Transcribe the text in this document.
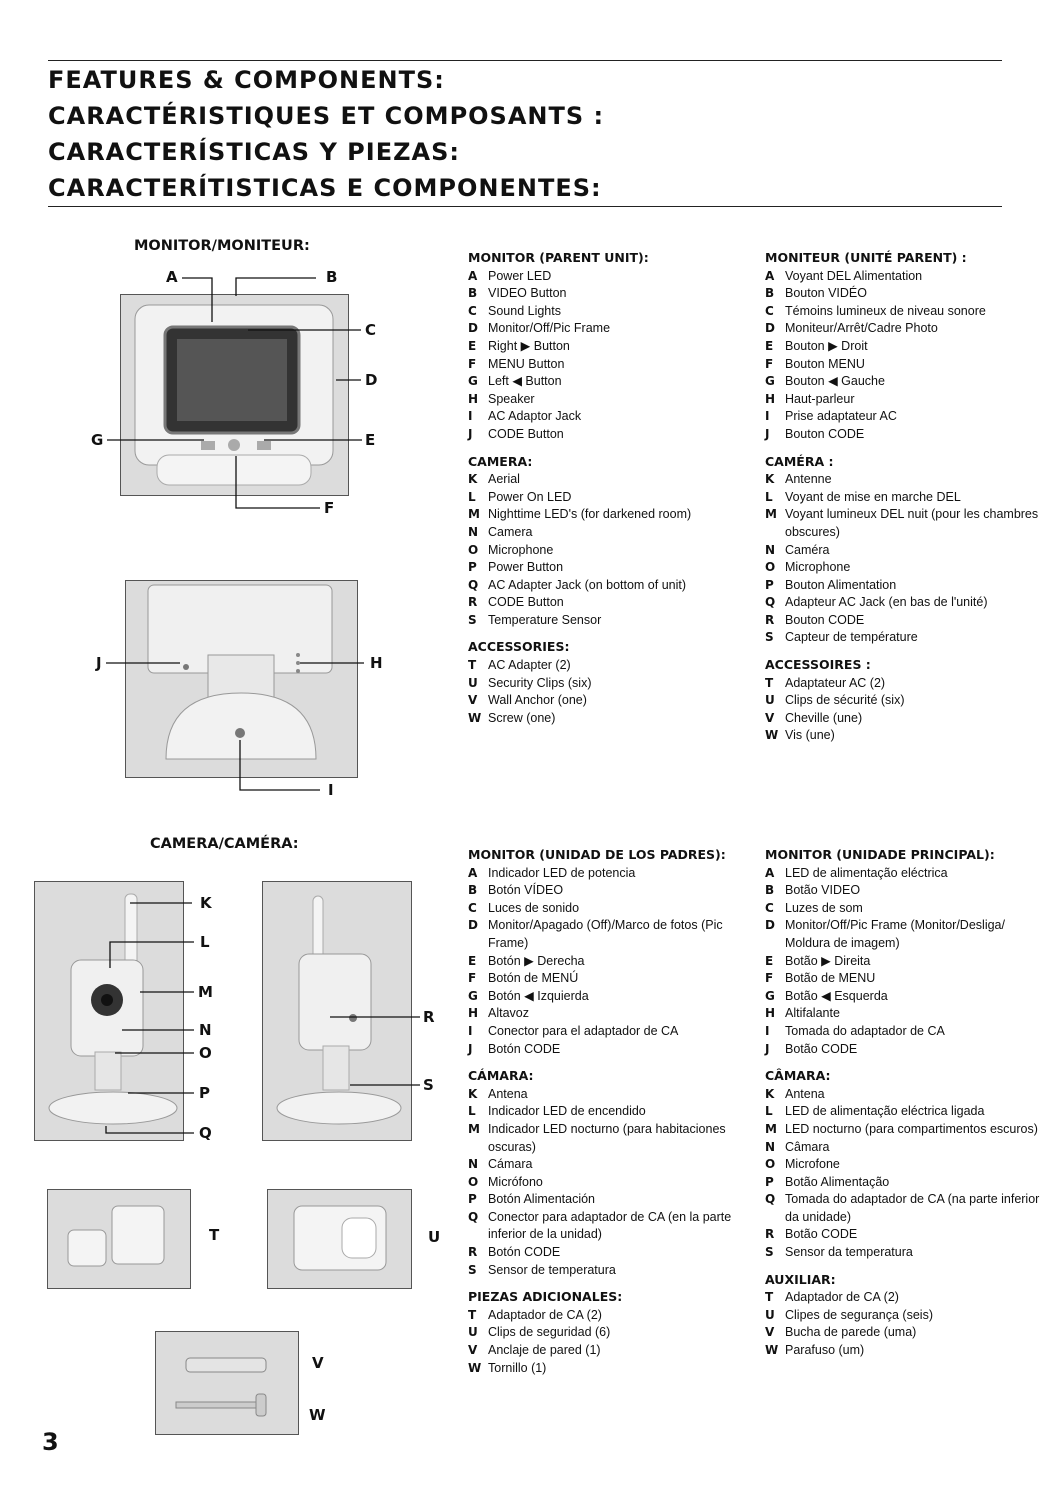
FEATURES & COMPONENTS:
CARACTÉRISTIQUES ET COMPOSANTS :
CARACTERÍSTICAS Y PIEZAS:
CARACTERÍTISTICAS E COMPONENTES:
MONITOR/MONITEUR:
CAMERA/CAMÉRA:
A	B
C
D
G	E
F
J	H
I
K
L
M
N
O
P
Q
R
S
T	U
V
W
MONITOR (PARENT UNIT):
A Power LED
B VIDEO Button
C Sound Lights
D Monitor/Off/Pic Frame
E Right ▶ Button
F MENU Button
G Left ◀ Button
H Speaker
I	AC Adaptor Jack
J	CODE Button
CAMERA:
K Aerial
L Power On LED
M Nighttime LED's (for darkened room)
N Camera
O Microphone
P Power Button
Q AC Adapter Jack (on bottom of unit)
R CODE Button
S Temperature Sensor
ACCESSORIES:
T AC Adapter (2)
U Security Clips (six)
V Wall Anchor (one)
W Screw (one)
MONITEUR (UNITÉ PARENT) :
A Voyant DEL Alimentation
B Bouton VIDÉO
C Témoins lumineux de niveau sonore
D Moniteur/Arrêt/Cadre Photo
E Bouton ▶ Droit
F Bouton MENU
G Bouton ◀ Gauche
H Haut-parleur
I	Prise adaptateur AC
J	Bouton CODE
CAMÉRA :
K Antenne
L Voyant de mise en marche DEL
M Voyant lumineux DEL nuit (pour les chambres obscures)
N Caméra
O Microphone
P Bouton Alimentation
Q Adapteur AC Jack (en bas de l'unité)
R Bouton CODE
S Capteur de température
ACCESSOIRES :
T Adaptateur AC (2)
U Clips de sécurité (six)
V Cheville (une)
W Vis (une)
MONITOR (UNIDAD DE LOS PADRES):
A Indicador LED de potencia
B Botón VÍDEO
C Luces de sonido
D Monitor/Apagado (Off)/Marco de fotos (Pic Frame)
E Botón ▶ Derecha
F Botón de MENÚ
G Botón ◀ Izquierda
H Altavoz
I	Conector para el adaptador de CA
J	Botón CODE
CÁMARA:
K Antena
L Indicador LED de encendido
M Indicador LED nocturno (para habitaciones oscuras)
N Cámara
O Micrófono
P Botón Alimentación
Q Conector para adaptador de CA (en la parte inferior de la unidad)
R Botón CODE
S Sensor de temperatura
PIEZAS ADICIONALES:
T Adaptador de CA (2)
U Clips de seguridad (6)
V Anclaje de pared (1)
W Tornillo (1)
MONITOR (UNIDADE PRINCIPAL):
A LED de alimentação eléctrica
B Botão VIDEO
C Luzes de som
D Monitor/Off/Pic Frame (Monitor/Desliga/ Moldura de imagem)
E Botão ▶ Direita
F Botão de MENU
G Botão ◀ Esquerda
H Altifalante
I	Tomada do adaptador de CA
J	Botão CODE
CÂMARA:
K Antena
L LED de alimentação eléctrica ligada
M LED nocturno (para compartimentos escuros)
N Câmara
O Microfone
P Botão Alimentação
Q Tomada do adaptador de CA (na parte inferior da unidade)
R Botão CODE
S Sensor da temperatura
AUXILIAR:
T Adaptador de CA (2)
U Clipes de segurança (seis)
V Bucha de parede (uma)
W Parafuso (um)
3
